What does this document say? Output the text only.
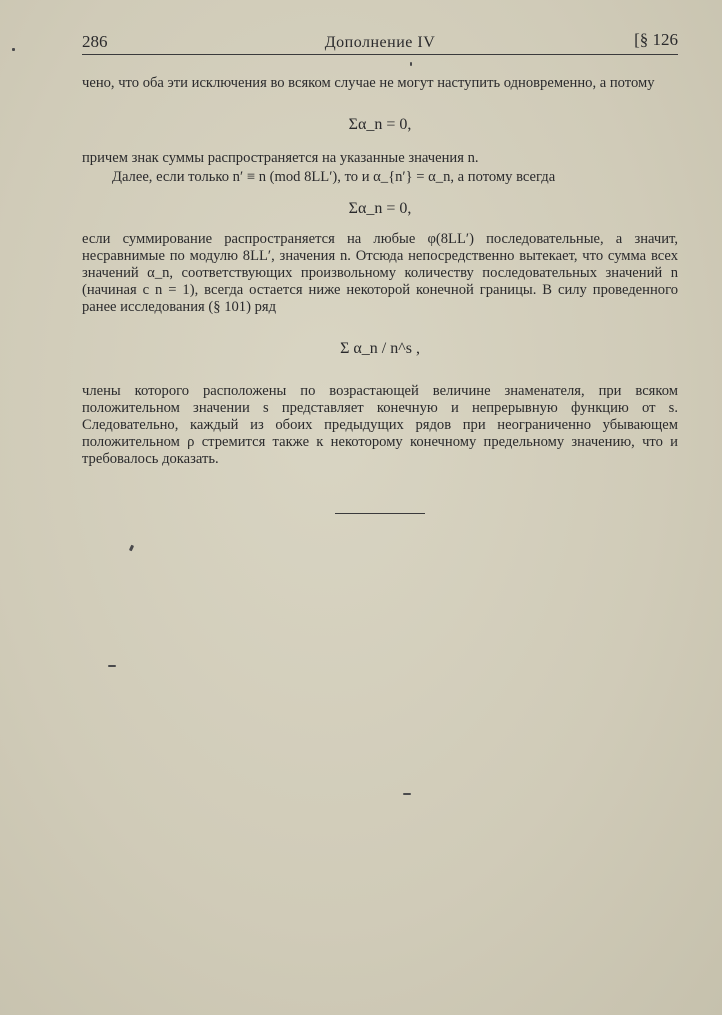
286	Дополнение IV	[§ 126

чено, что оба эти исключения во всяком случае не могут наступить одновременно, а потому

Σα_n = 0,

причем знак суммы распространяется на указанные значения n.

Далее, если только n′ ≡ n (mod 8LL′), то и α_{n′} = α_n, а потому всегда

Σα_n = 0,

если суммирование распространяется на любые φ(8LL′) последовательные, а значит, несравнимые по модулю 8LL′, значения n. Отсюда непосредственно вытекает, что сумма всех значений α_n, соответствующих произвольному количеству последовательных значений n (начиная с n = 1), всегда остается ниже некоторой конечной границы. В силу проведенного ранее исследования (§ 101) ряд

Σ α_n / n^s ,

члены которого расположены по возрастающей величине знаменателя, при всяком положительном значении s представляет конечную и непрерывную функцию от s. Следовательно, каждый из обоих предыдущих рядов при неограниченно убывающем положительном ρ стремится также к некоторому конечному предельному значению, что и требовалось доказать.
